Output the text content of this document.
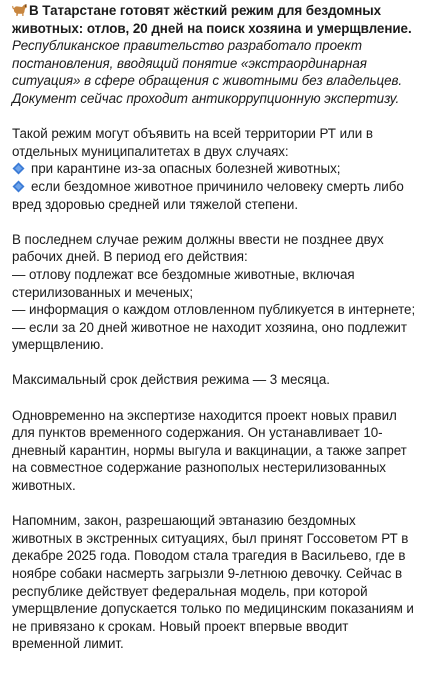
В Татарстане готовят жёсткий режим для бездомных животных: отлов, 20 дней на поиск хозяина и умерщвление.

Республиканское правительство разработало проект постановления, вводящий понятие «экстраординарная ситуация» в сфере обращения с животными без владельцев. Документ сейчас проходит антикоррупционную экспертизу.

Такой режим могут объявить на всей территории РТ или в отдельных муниципалитетах в двух случаях:
при карантине из-за опасных болезней животных;
если бездомное животное причинило человеку смерть либо вред здоровью средней или тяжелой степени.
В последнем случае режим должны ввести не позднее двух рабочих дней. В период его действия:
— отлову подлежат все бездомные животные, включая стерилизованных и меченых;
— информация о каждом отловленном публикуется в интернете;
— если за 20 дней животное не находит хозяина, оно подлежит умерщвлению.

Максимальный срок действия режима — 3 месяца.

Одновременно на экспертизе находится проект новых правил для пунктов временного содержания. Он устанавливает 10-дневный карантин, нормы выгула и вакцинации, а также запрет на совместное содержание разнополых нестерилизованных животных.

Напомним, закон, разрешающий эвтаназию бездомных животных в экстренных ситуациях, был принят Госсоветом РТ в декабре 2025 года. Поводом стала трагедия в Васильево, где в ноябре собаки насмерть загрызли 9-летнюю девочку. Сейчас в республике действует федеральная модель, при которой умерщвление допускается только по медицинским показаниям и не привязано к срокам. Новый проект впервые вводит временной лимит.
